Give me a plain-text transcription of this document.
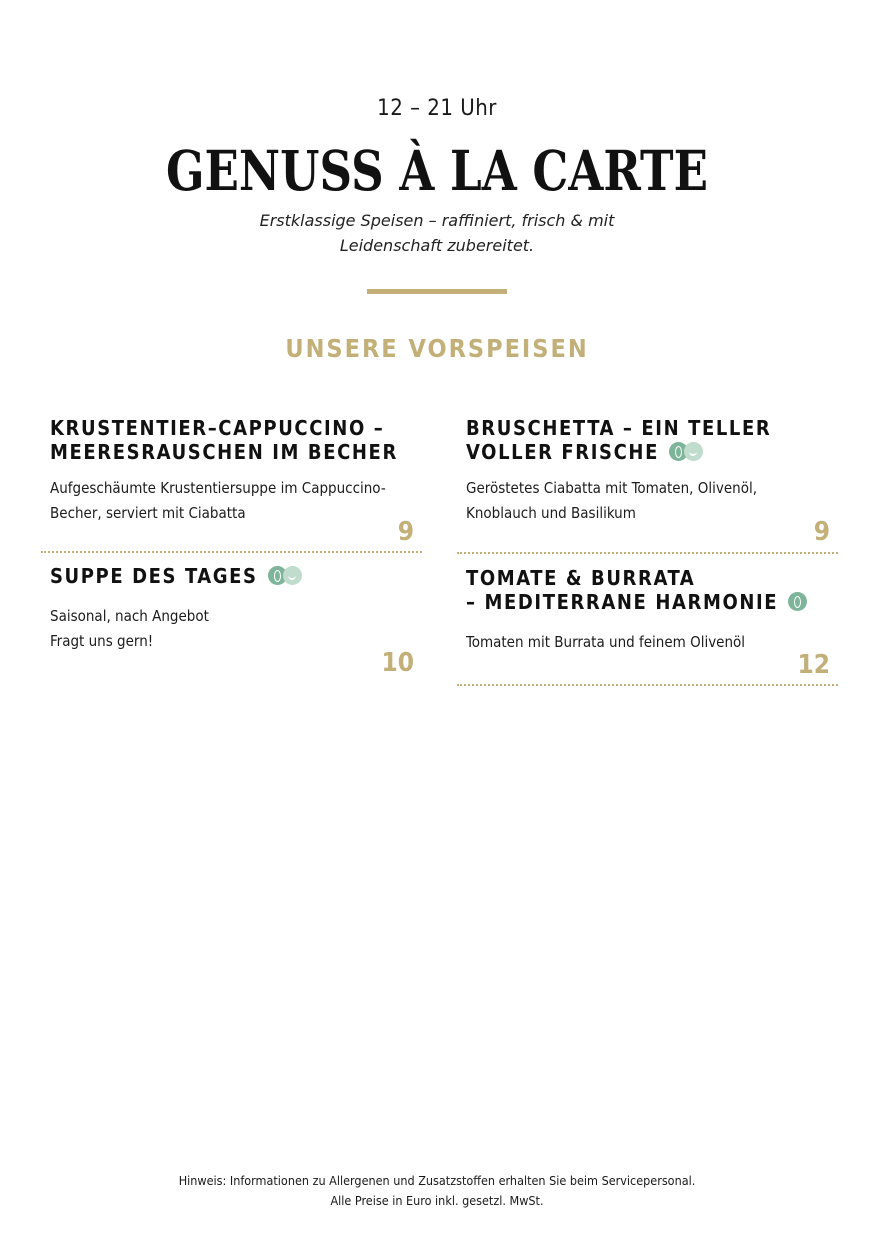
12 – 21 Uhr
GENUSS À LA CARTE
Erstklassige Speisen – raffiniert, frisch & mit
Leidenschaft zubereitet.
UNSERE VORSPEISEN
KRUSTENTIER–CAPPUCCINO –
MEERESRAUSCHEN IM BECHER
Aufgeschäumte Krustentiersuppe im Cappuccino-
Becher, serviert mit Ciabatta
9
BRUSCHETTA – EIN TELLER
VOLLER FRISCHE
Geröstetes Ciabatta mit Tomaten, Olivenöl,
Knoblauch und Basilikum
9
SUPPE DES TAGES
Saisonal, nach Angebot
Fragt uns gern!
10
TOMATE & BURRATA
– MEDITERRANE HARMONIE
Tomaten mit Burrata und feinem Olivenöl
12
Hinweis: Informationen zu Allergenen und Zusatzstoffen erhalten Sie beim Servicepersonal.
Alle Preise in Euro inkl. gesetzl. MwSt.
